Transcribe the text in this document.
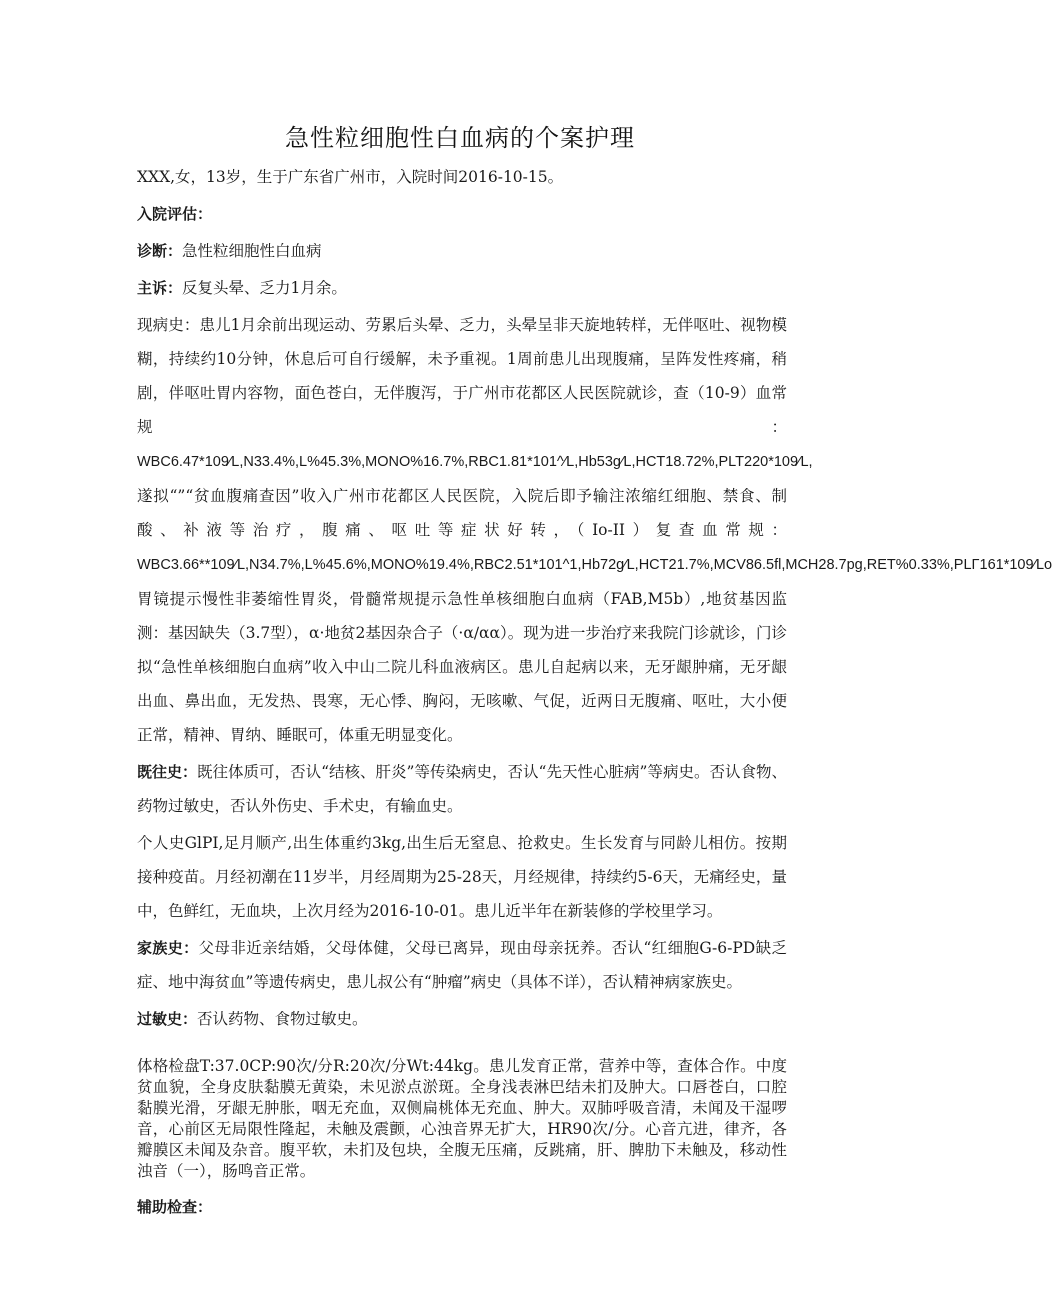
急性粒细胞性白血病的个案护理

XXX,女，13岁，生于广东省广州市，入院时间2016-10-15。

入院评估：

诊断：急性粒细胞性白血病

主诉：反复头晕、乏力1月余。

现病史：患儿1月余前出现运动、劳累后头晕、乏力，头晕呈非天旋地转样，无伴呕吐、视物模糊，持续约10分钟，休息后可自行缓解，未予重视。1周前患儿出现腹痛，呈阵发性疼痛，稍剧，伴呕吐胃内容物，面色苍白，无伴腹泻，于广州市花都区人民医院就诊，查（10-9）血常规：WBC6.47*109∕L,N33.4%,L%45.3%,MONO%16.7%,RBC1.81*101^∕L,Hb53g∕L,HCT18.72%,PLT220*109∕L,遂拟“”“贫血腹痛查因”收入广州市花都区人民医院，入院后即予输注浓缩红细胞、禁食、制酸、补液等治疗，腹痛、呕吐等症状好转，（Io-II）复查血常规：WBC3.66**109∕L,N34.7%,L%45.6%,MONO%19.4%,RBC2.51*101^1,Hb72g∕L,HCT21.7%,MCV86.5fl,MCH28.7pg,RET%0.33%,PLΓ161*109∕Lo胃镜提示慢性非萎缩性胃炎，骨髓常规提示急性单核细胞白血病（FAB,M5b）,地贫基因监测：基因缺失（3.7型），α·地贫2基因杂合子（·α∕αα）。现为进一步治疗来我院门诊就诊，门诊拟“急性单核细胞白血病”收入中山二院儿科血液病区。患儿自起病以来，无牙龈肿痛，无牙龈出血、鼻出血，无发热、畏寒，无心悸、胸闷，无咳嗽、气促，近两日无腹痛、呕吐，大小便正常，精神、胃纳、睡眠可，体重无明显变化。

既往史：既往体质可，否认“结核、肝炎”等传染病史，否认“先天性心脏病”等病史。否认食物、药物过敏史，否认外伤史、手术史，有输血史。

个人史GlPI,足月顺产,出生体重约3kg,出生后无窒息、抢救史。生长发育与同龄儿相仿。按期接种疫苗。月经初潮在11岁半，月经周期为25-28天，月经规律，持续约5-6天，无痛经史，量中，色鲜红，无血块，上次月经为2016-10-01。患儿近半年在新装修的学校里学习。

家族史：父母非近亲结婚，父母体健，父母已离异，现由母亲抚养。否认“红细胞G-6-PD缺乏症、地中海贫血”等遗传病史，患儿叔公有“肿瘤”病史（具体不详），否认精神病家族史。

过敏史：否认药物、食物过敏史。

体格检盘T:37.0CP:90次/分R:20次/分Wt:44kg。患儿发育正常，营养中等，查体合作。中度贫血貌，全身皮肤黏膜无黄染，未见淤点淤斑。全身浅表淋巴结未扪及肿大。口唇苍白，口腔黏膜光滑，牙龈无肿胀，咽无充血，双侧扁桃体无充血、肿大。双肺呼吸音清，未闻及干湿啰音，心前区无局限性隆起，未触及震颤，心浊音界无扩大，HR90次/分。心音亢进，律齐，各瓣膜区未闻及杂音。腹平软，未扪及包块，全腹无压痛，反跳痛，肝、脾肋下未触及，移动性浊音（一），肠鸣音正常。

辅助检查：
